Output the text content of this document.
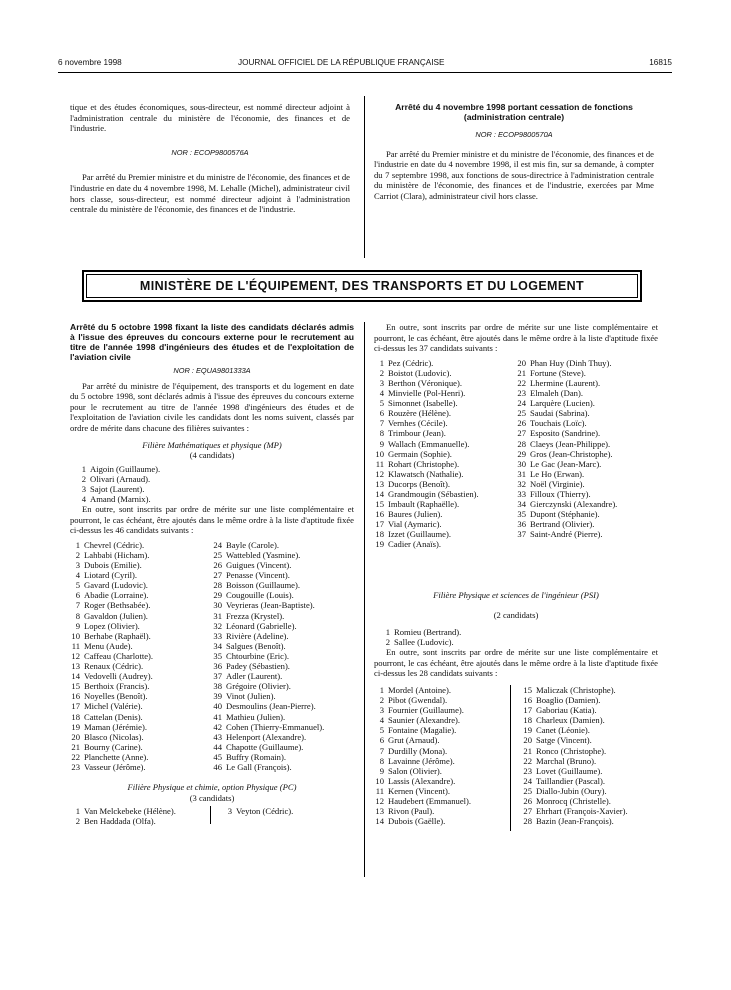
6 novembre 1998	JOURNAL OFFICIEL DE LA RÉPUBLIQUE FRANÇAISE	16815

tique et des études économiques, sous-directeur, est nommé directeur adjoint à l'administration centrale du ministère de l'économie, des finances et de l'industrie.

NOR : ECOP9800576A

Par arrêté du Premier ministre et du ministre de l'économie, des finances et de l'industrie en date du 4 novembre 1998, M. Lehalle (Michel), administrateur civil hors classe, sous-directeur, est nommé directeur adjoint à l'administration centrale du ministère de l'économie, des finances et de l'industrie.

Arrêté du 4 novembre 1998 portant cessation de fonctions (administration centrale)
NOR : ECOP9800570A

Par arrêté du Premier ministre et du ministre de l'économie, des finances et de l'industrie en date du 4 novembre 1998, il est mis fin, sur sa demande, à compter du 7 septembre 1998, aux fonctions de sous-directrice à l'administration centrale du ministère de l'économie, des finances et de l'industrie, exercées par Mme Carriot (Clara), administrateur civil hors classe.

MINISTÈRE DE L'ÉQUIPEMENT, DES TRANSPORTS ET DU LOGEMENT
Arrêté du 5 octobre 1998 fixant la liste des candidats déclarés admis à l'issue des épreuves du concours externe pour le recrutement au titre de l'année 1998 d'ingénieurs des études et de l'exploitation de l'aviation civile
NOR : EQUA9801333A

Par arrêté du ministre de l'équipement, des transports et du logement en date du 5 octobre 1998, sont déclarés admis à l'issue des épreuves du concours externe pour le recrutement au titre de l'année 1998 d'ingénieurs des études et de l'exploitation de l'aviation civile les candidats dont les noms suivent, classés par ordre de mérite dans chacune des filières suivantes :

Filière Mathématiques et physique (MP)
(4 candidats)
1 Aigoin (Guillaume).
2 Olivari (Arnaud).
3 Sajot (Laurent).
4 Amand (Marnix).

En outre, sont inscrits par ordre de mérite sur une liste complémentaire et pourront, le cas échéant, être ajoutés dans le même ordre à la liste d'aptitude fixée ci-dessus les 46 candidats suivants :

1 Chevrel (Cédric).
2 Lahbabi (Hicham).
3 Dubois (Emilie).
4 Liotard (Cyril).
5 Gavard (Ludovic).
6 Abadie (Lorraine).
7 Roger (Bethsabée).
8 Gavaldon (Julien).
9 Lopez (Olivier).
10 Berhabe (Raphaël).
11 Menu (Aude).
12 Caffeau (Charlotte).
13 Renaux (Cédric).
14 Vedovelli (Audrey).
15 Berthoix (Francis).
16 Noyelles (Benoît).
17 Michel (Valérie).
18 Cattelan (Denis).
19 Maman (Jérémie).
20 Blasco (Nicolas).
21 Bourny (Carine).
22 Planchette (Anne).
23 Vasseur (Jérôme).
24 Bayle (Carole).
25 Wattebled (Yasmine).
26 Guigues (Vincent).
27 Penasse (Vincent).
28 Boisson (Guillaume).
29 Cougouille (Louis).
30 Veyrieras (Jean-Baptiste).
31 Frezza (Krystel).
32 Léonard (Gabrielle).
33 Rivière (Adeline).
34 Salgues (Benoît).
35 Chtourbine (Eric).
36 Padey (Sébastien).
37 Adler (Laurent).
38 Grégoire (Olivier).
39 Vinot (Julien).
40 Desmoulins (Jean-Pierre).
41 Mathieu (Julien).
42 Cohen (Thierry-Emmanuel).
43 Helenport (Alexandre).
44 Chapotte (Guillaume).
45 Buffry (Romain).
46 Le Gall (François).
Filière Physique et chimie, option Physique (PC)
(3 candidats)
1 Van Melckebeke (Hélène).
2 Ben Haddada (Olfa).
3 Veyton (Cédric).

En outre, sont inscrits par ordre de mérite sur une liste complémentaire et pourront, le cas échéant, être ajoutés dans le même ordre à la liste d'aptitude fixée ci-dessus les 37 candidats suivants :

1 Pez (Cédric).
2 Boistot (Ludovic).
3 Berthon (Véronique).
4 Minvielle (Pol-Henri).
5 Simonnet (Isabelle).
6 Rouzère (Hélène).
7 Vernhes (Cécile).
8 Trimbour (Jean).
9 Wallach (Emmanuelle).
10 Germain (Sophie).
11 Rohart (Christophe).
12 Klawatsch (Nathalie).
13 Ducorps (Benoît).
14 Grandmougin (Sébastien).
15 Imbault (Raphaëlle).
16 Baures (Julien).
17 Vial (Aymaric).
18 Izzet (Guillaume).
19 Cadier (Anaïs).
20 Phan Huy (Dinh Thuy).
21 Fortune (Steve).
22 Lhermine (Laurent).
23 Elmaleh (Dan).
24 Larquère (Lucien).
25 Saudai (Sabrina).
26 Touchais (Loïc).
27 Esposito (Sandrine).
28 Claeys (Jean-Philippe).
29 Gros (Jean-Christophe).
30 Le Gac (Jean-Marc).
31 Le Ho (Erwan).
32 Noël (Virginie).
33 Filloux (Thierry).
34 Gierczynski (Alexandre).
35 Dupont (Stéphanie).
36 Bertrand (Olivier).
37 Saint-André (Pierre).
Filière Physique et sciences de l'ingénieur (PSI)
(2 candidats)
1 Romieu (Bertrand).
2 Sallee (Ludovic).

En outre, sont inscrits par ordre de mérite sur une liste complémentaire et pourront, le cas échéant, être ajoutés dans le même ordre à la liste d'aptitude fixée ci-dessus les 28 candidats suivants :

1 Mordel (Antoine).
2 Pibot (Gwendal).
3 Fournier (Guillaume).
4 Saunier (Alexandre).
5 Fontaine (Magalie).
6 Grut (Arnaud).
7 Durdilly (Mona).
8 Lavainne (Jérôme).
9 Salon (Olivier).
10 Lassis (Alexandre).
11 Kernen (Vincent).
12 Haudebert (Emmanuel).
13 Rivon (Paul).
14 Dubois (Gaëlle).
15 Maliczak (Christophe).
16 Boaglio (Damien).
17 Gaboriau (Katia).
18 Charleux (Damien).
19 Canet (Léonie).
20 Satge (Vincent).
21 Ronco (Christophe).
22 Marchal (Bruno).
23 Lovet (Guillaume).
24 Taillandier (Pascal).
25 Diallo-Jubin (Oury).
26 Monrocq (Christelle).
27 Ehrhart (François-Xavier).
28 Bazin (Jean-François).
